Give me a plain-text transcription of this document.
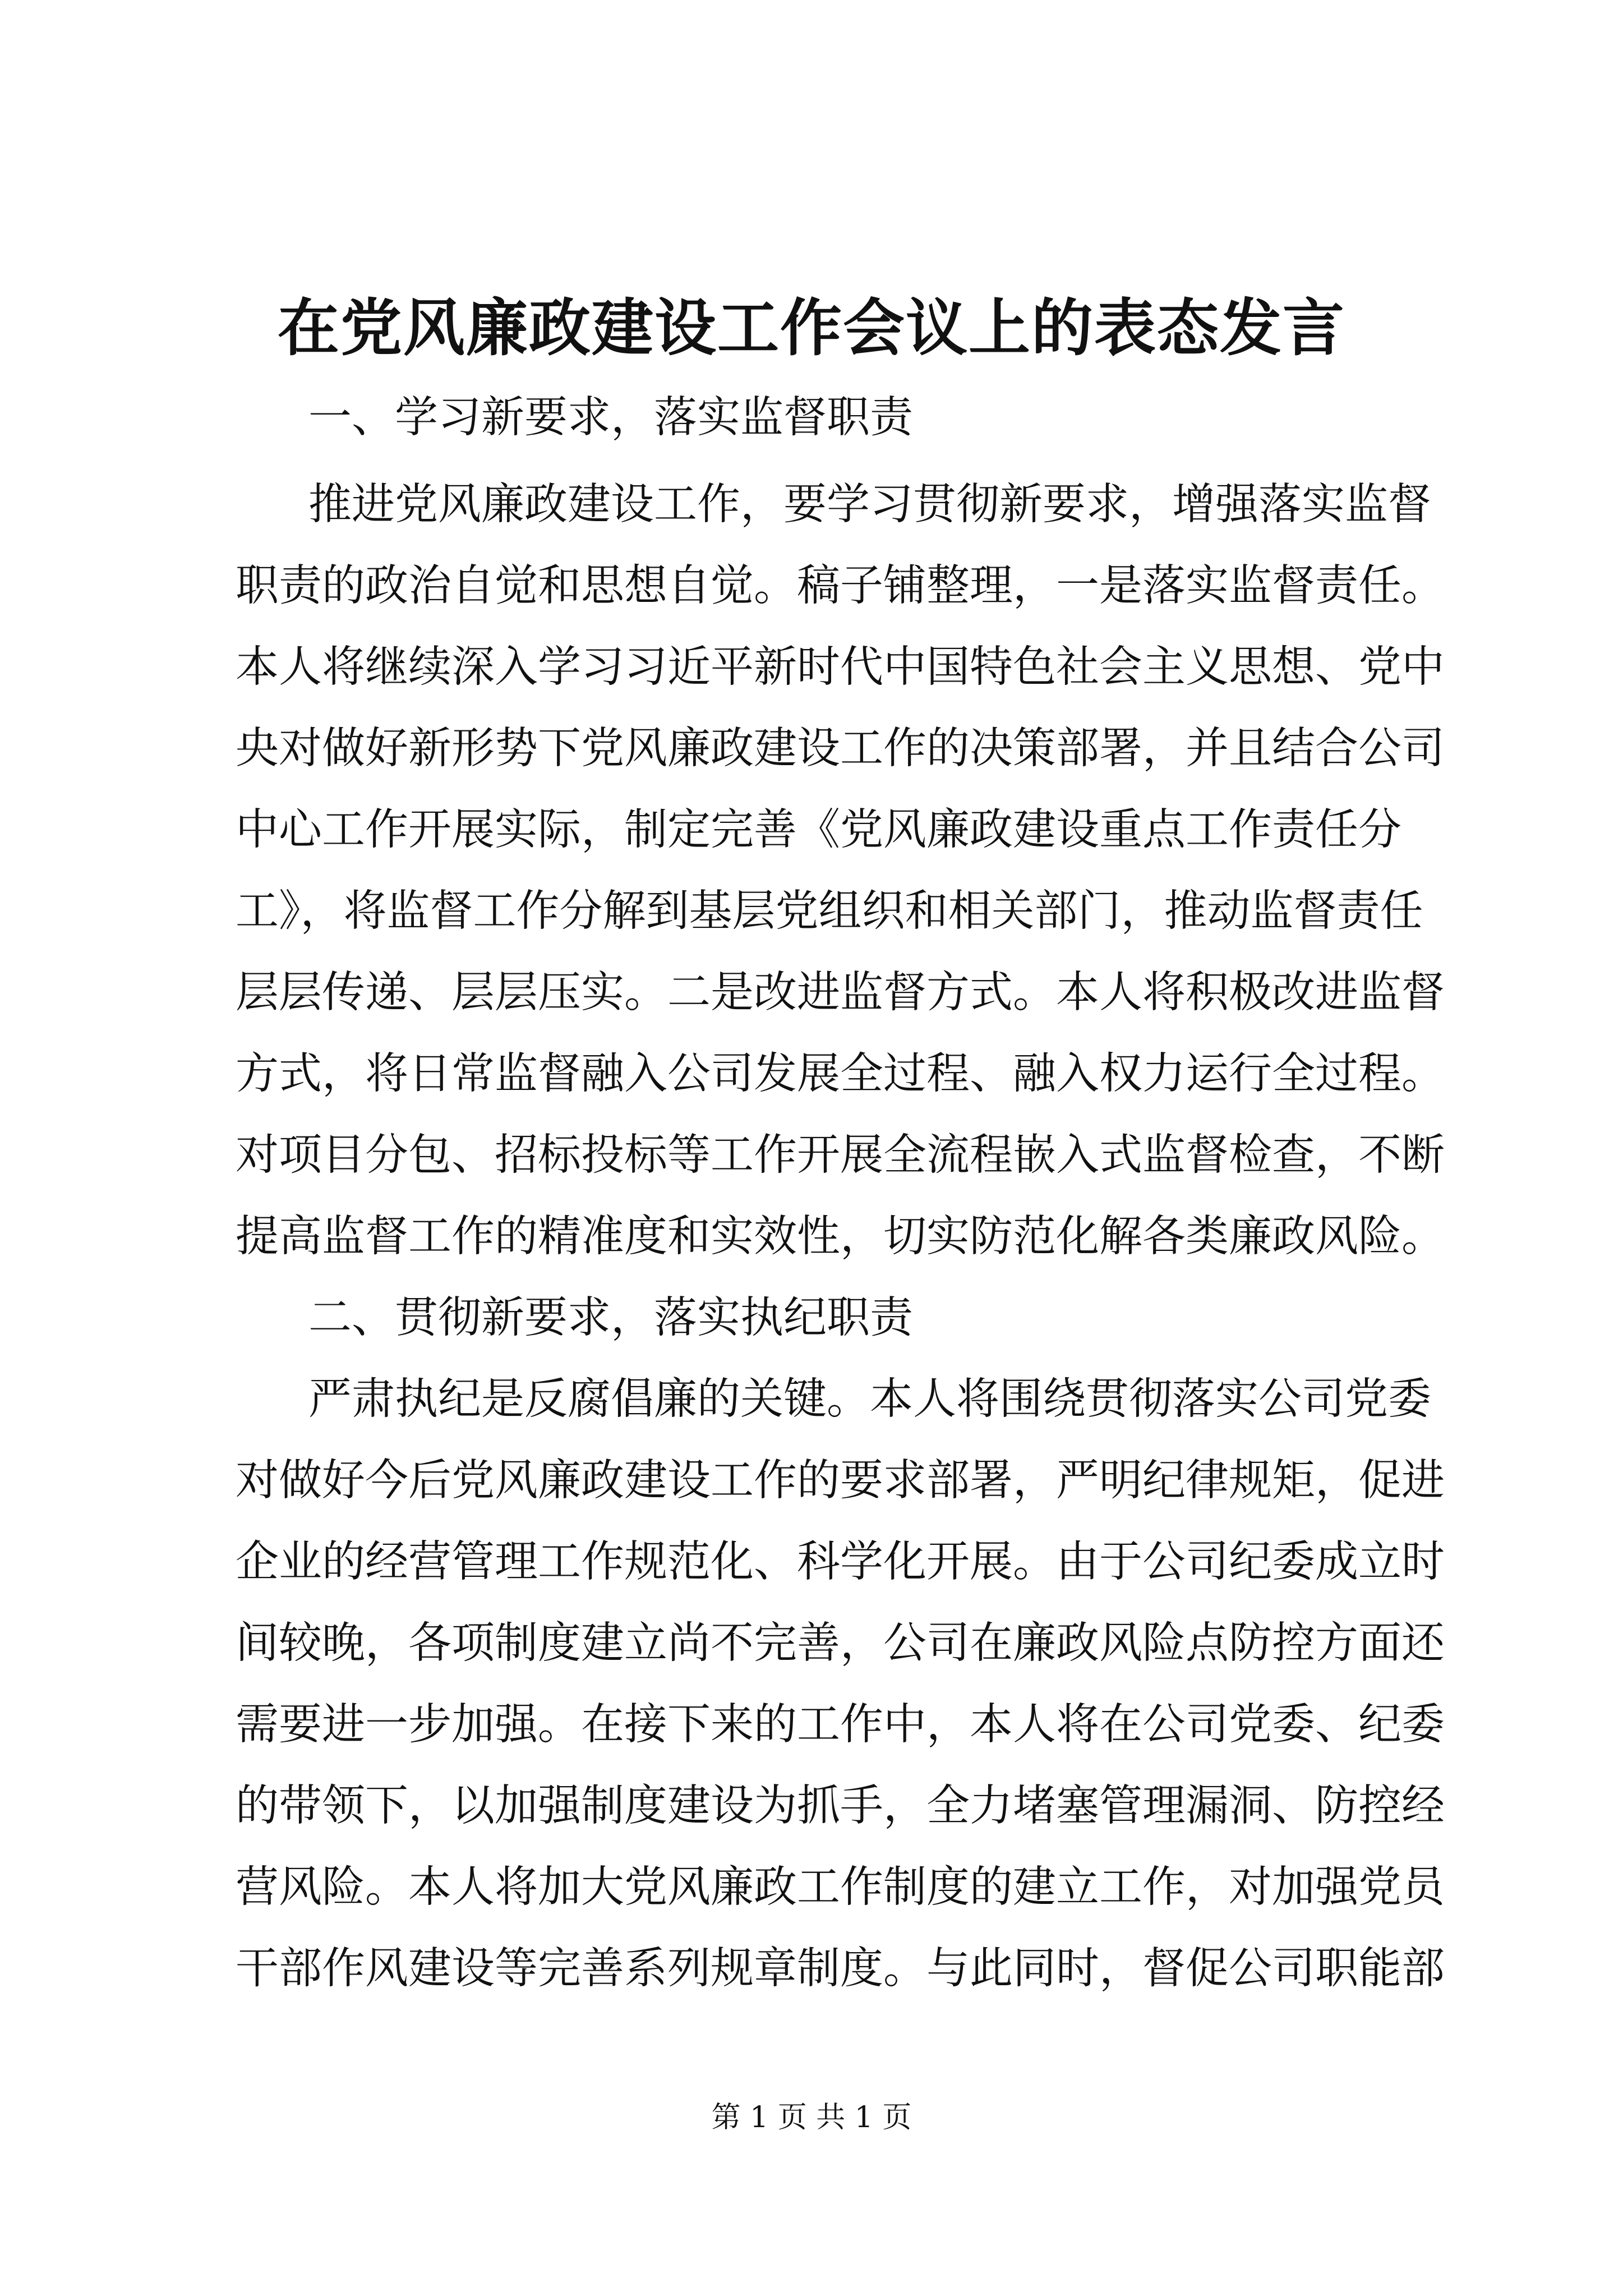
在党风廉政建设工作会议上的表态发言

一、学习新要求，落实监督职责

推进党风廉政建设工作，要学习贯彻新要求，增强落实监督

职责的政治自觉和思想自觉。稿子铺整理，一是落实监督责任。

本人将继续深入学习习近平新时代中国特色社会主义思想、党中

央对做好新形势下党风廉政建设工作的决策部署，并且结合公司

中心工作开展实际，制定完善《党风廉政建设重点工作责任分

工》，将监督工作分解到基层党组织和相关部门，推动监督责任

层层传递、层层压实。二是改进监督方式。本人将积极改进监督

方式，将日常监督融入公司发展全过程、融入权力运行全过程。

对项目分包、招标投标等工作开展全流程嵌入式监督检查，不断

提高监督工作的精准度和实效性，切实防范化解各类廉政风险。

二、贯彻新要求，落实执纪职责

严肃执纪是反腐倡廉的关键。本人将围绕贯彻落实公司党委

对做好今后党风廉政建设工作的要求部署，严明纪律规矩，促进

企业的经营管理工作规范化、科学化开展。由于公司纪委成立时

间较晚，各项制度建立尚不完善，公司在廉政风险点防控方面还

需要进一步加强。在接下来的工作中，本人将在公司党委、纪委

的带领下，以加强制度建设为抓手，全力堵塞管理漏洞、防控经

营风险。本人将加大党风廉政工作制度的建立工作，对加强党员

干部作风建设等完善系列规章制度。与此同时，督促公司职能部

第 1 页 共 1 页
